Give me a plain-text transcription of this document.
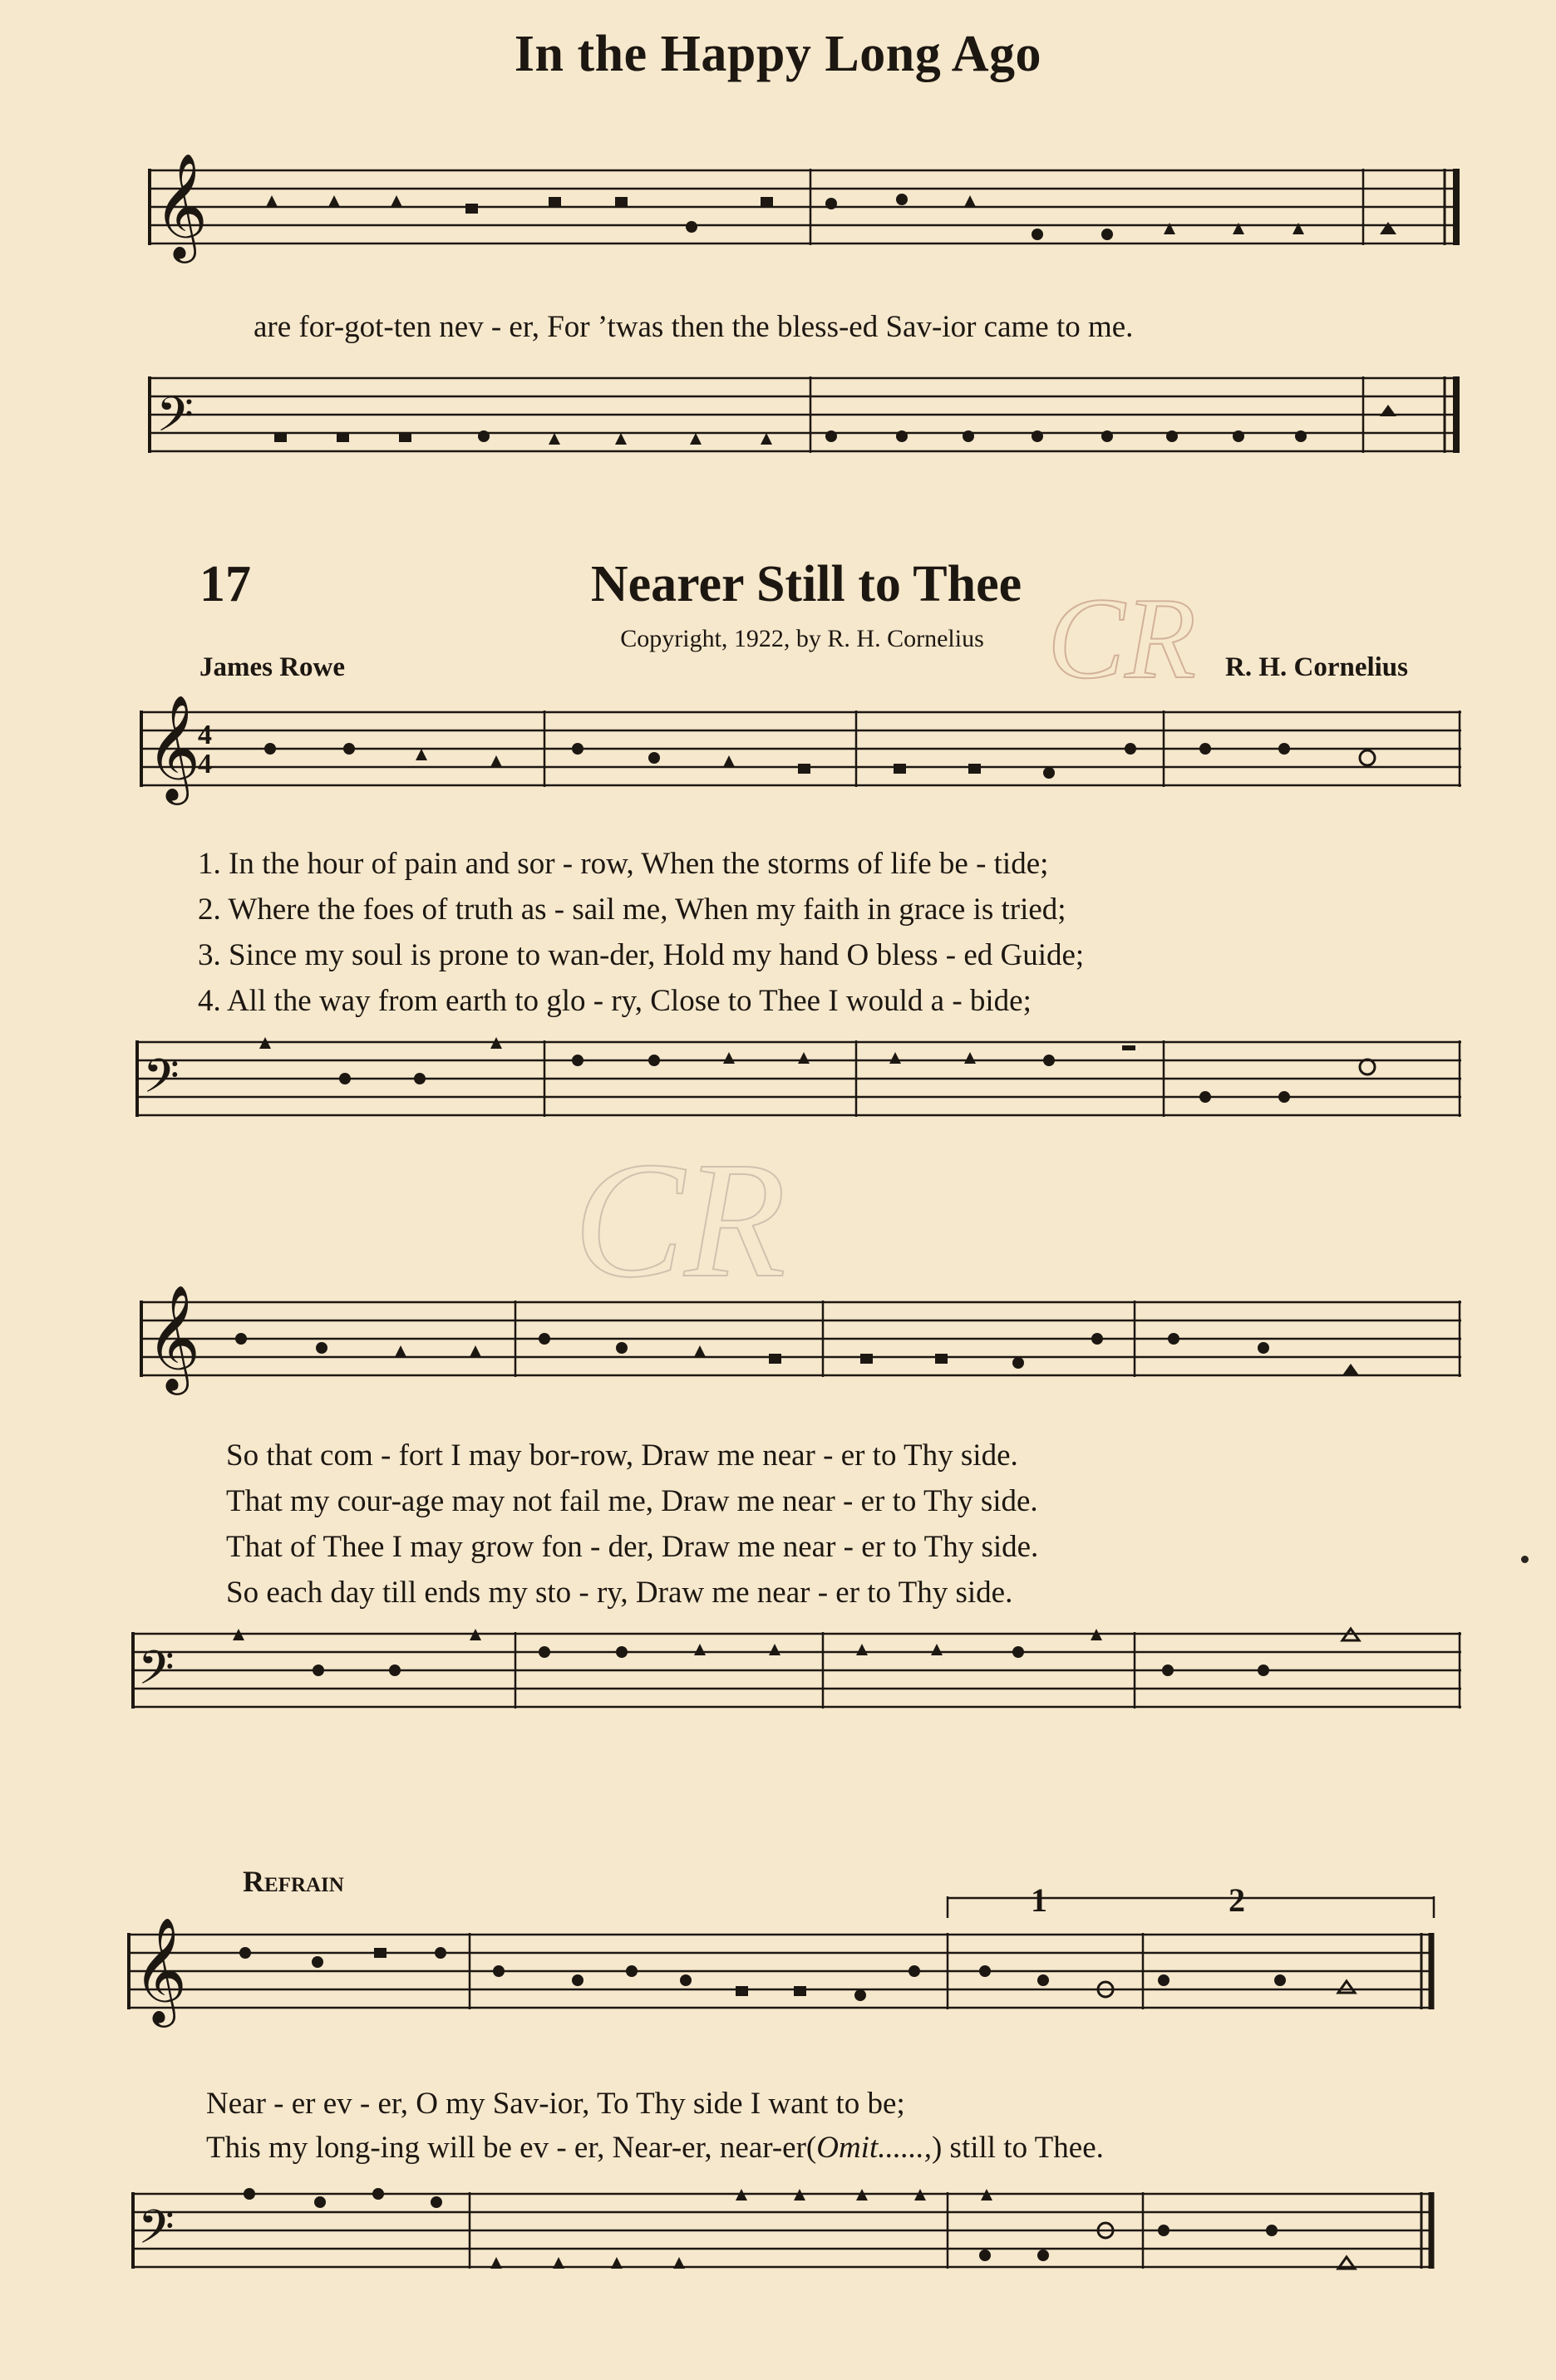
In the Happy Long Ago
𝄞
are for-got-ten nev - er, For ’twas then the bless-ed Sav-ior came to me.
𝄢
17	Nearer Still to Thee
Copyright, 1922, by R. H. Cornelius
James Rowe	R. H. Cornelius
𝄞
4
4
1. In the hour of pain and sor - row, When the storms of life be - tide;
2. Where the foes of truth as - sail me, When my faith in grace is tried;
3. Since my soul is prone to wan-der, Hold my hand O bless - ed Guide;
4. All the way from earth to glo - ry, Close to Thee I would a - bide;
𝄢
𝄞
So that com - fort I may bor-row, Draw me near - er to Thy side.
That my cour-age may not fail me, Draw me near - er to Thy side.
That of Thee I may grow fon - der, Draw me near - er to Thy side.
So each day till ends my sto - ry, Draw me near - er to Thy side.
𝄢
Refrain	1	2
𝄞
Near - er ev - er, O my Sav-ior, To Thy side I want to be;
This my long-ing will be ev - er, Near-er, near-er(Omit......,) still to Thee.
𝄢
CR
CR
